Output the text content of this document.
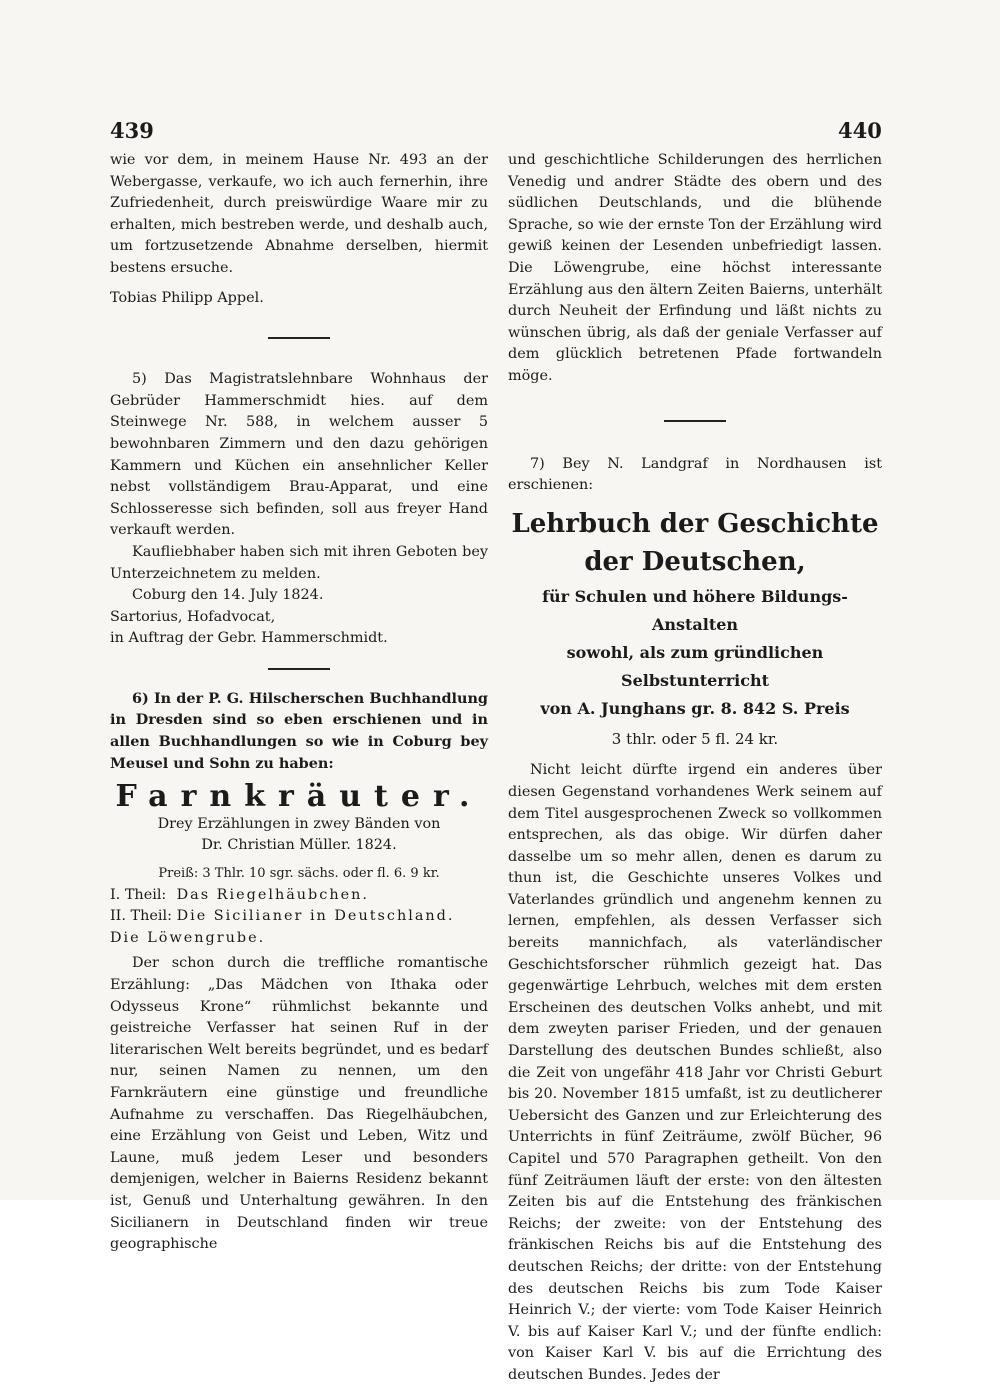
439	440

wie vor dem, in meinem Hause Nr. 493 an der Webergasse, verkaufe, wo ich auch fernerhin, ihre Zufriedenheit, durch preiswürdige Waare mir zu erhalten, mich bestreben werde, und deshalb auch, um fortzusetzende Abnahme derselben, hiermit bestens ersuche.

Tobias Philipp Appel.

5) Das Magistratslehnbare Wohnhaus der Gebrüder Hammerschmidt hies. auf dem Steinwege Nr. 588, in welchem ausser 5 bewohnbaren Zimmern und den dazu gehörigen Kammern und Küchen ein ansehnlicher Keller nebst vollständigem Brau-Apparat, und eine Schlosseresse sich befinden, soll aus freyer Hand verkauft werden.

Kaufliebhaber haben sich mit ihren Geboten bey Unterzeichnetem zu melden.

Coburg den 14. July 1824.

Sartorius, Hofadvocat,

in Auftrag der Gebr. Hammerschmidt.

6) In der P. G. Hilscherschen Buchhandlung in Dresden sind so eben erschienen und in allen Buchhandlungen so wie in Coburg bey Meusel und Sohn zu haben:

Farnkräuter.

Drey Erzählungen in zwey Bänden von

Dr. Christian Müller. 1824.

Preiß: 3 Thlr. 10 sgr. sächs. oder fl. 6. 9 kr.

I. Theil: Das Riegelhäubchen.
II. Theil: Die Sicilianer in Deutschland. Die Löwengrube.

Der schon durch die treffliche romantische Erzählung: „Das Mädchen von Ithaka oder Odysseus Krone“ rühmlichst bekannte und geistreiche Verfasser hat seinen Ruf in der literarischen Welt bereits begründet, und es bedarf nur, seinen Namen zu nennen, um den Farnkräutern eine günstige und freundliche Aufnahme zu verschaffen. Das Riegelhäubchen, eine Erzählung von Geist und Leben, Witz und Laune, muß jedem Leser und besonders demjenigen, welcher in Baierns Residenz bekannt ist, Genuß und Unterhaltung gewähren. In den Sicilianern in Deutschland finden wir treue geographische

und geschichtliche Schilderungen des herrlichen Venedig und andrer Städte des obern und des südlichen Deutschlands, und die blühende Sprache, so wie der ernste Ton der Erzählung wird gewiß keinen der Lesenden unbefriedigt lassen. Die Löwengrube, eine höchst interessante Erzählung aus den ältern Zeiten Baierns, unterhält durch Neuheit der Erfindung und läßt nichts zu wünschen übrig, als daß der geniale Verfasser auf dem glücklich betretenen Pfade fortwandeln möge.

7) Bey N. Landgraf in Nordhausen ist erschienen:

Lehrbuch der Geschichte der Deutschen,
für Schulen und höhere Bildungs-Anstalten
sowohl, als zum gründlichen Selbstunterricht
von A. Junghans gr. 8. 842 S. Preis
3 thlr. oder 5 fl. 24 kr.

Nicht leicht dürfte irgend ein anderes über diesen Gegenstand vorhandenes Werk seinem auf dem Titel ausgesprochenen Zweck so vollkommen entsprechen, als das obige. Wir dürfen daher dasselbe um so mehr allen, denen es darum zu thun ist, die Geschichte unseres Volkes und Vaterlandes gründlich und angenehm kennen zu lernen, empfehlen, als dessen Verfasser sich bereits mannichfach, als vaterländischer Geschichtsforscher rühmlich gezeigt hat. Das gegenwärtige Lehrbuch, welches mit dem ersten Erscheinen des deutschen Volks anhebt, und mit dem zweyten pariser Frieden, und der genauen Darstellung des deutschen Bundes schließt, also die Zeit von ungefähr 418 Jahr vor Christi Geburt bis 20. November 1815 umfaßt, ist zu deutlicherer Uebersicht des Ganzen und zur Erleichterung des Unterrichts in fünf Zeiträume, zwölf Bücher, 96 Capitel und 570 Paragraphen getheilt. Von den fünf Zeiträumen läuft der erste: von den ältesten Zeiten bis auf die Entstehung des fränkischen Reichs; der zweite: von der Entstehung des fränkischen Reichs bis auf die Entstehung des deutschen Reichs; der dritte: von der Entstehung des deutschen Reichs bis zum Tode Kaiser Heinrich V.; der vierte: vom Tode Kaiser Heinrich V. bis auf Kaiser Karl V.; und der fünfte endlich: von Kaiser Karl V. bis auf die Errichtung des deutschen Bundes. Jedes der
